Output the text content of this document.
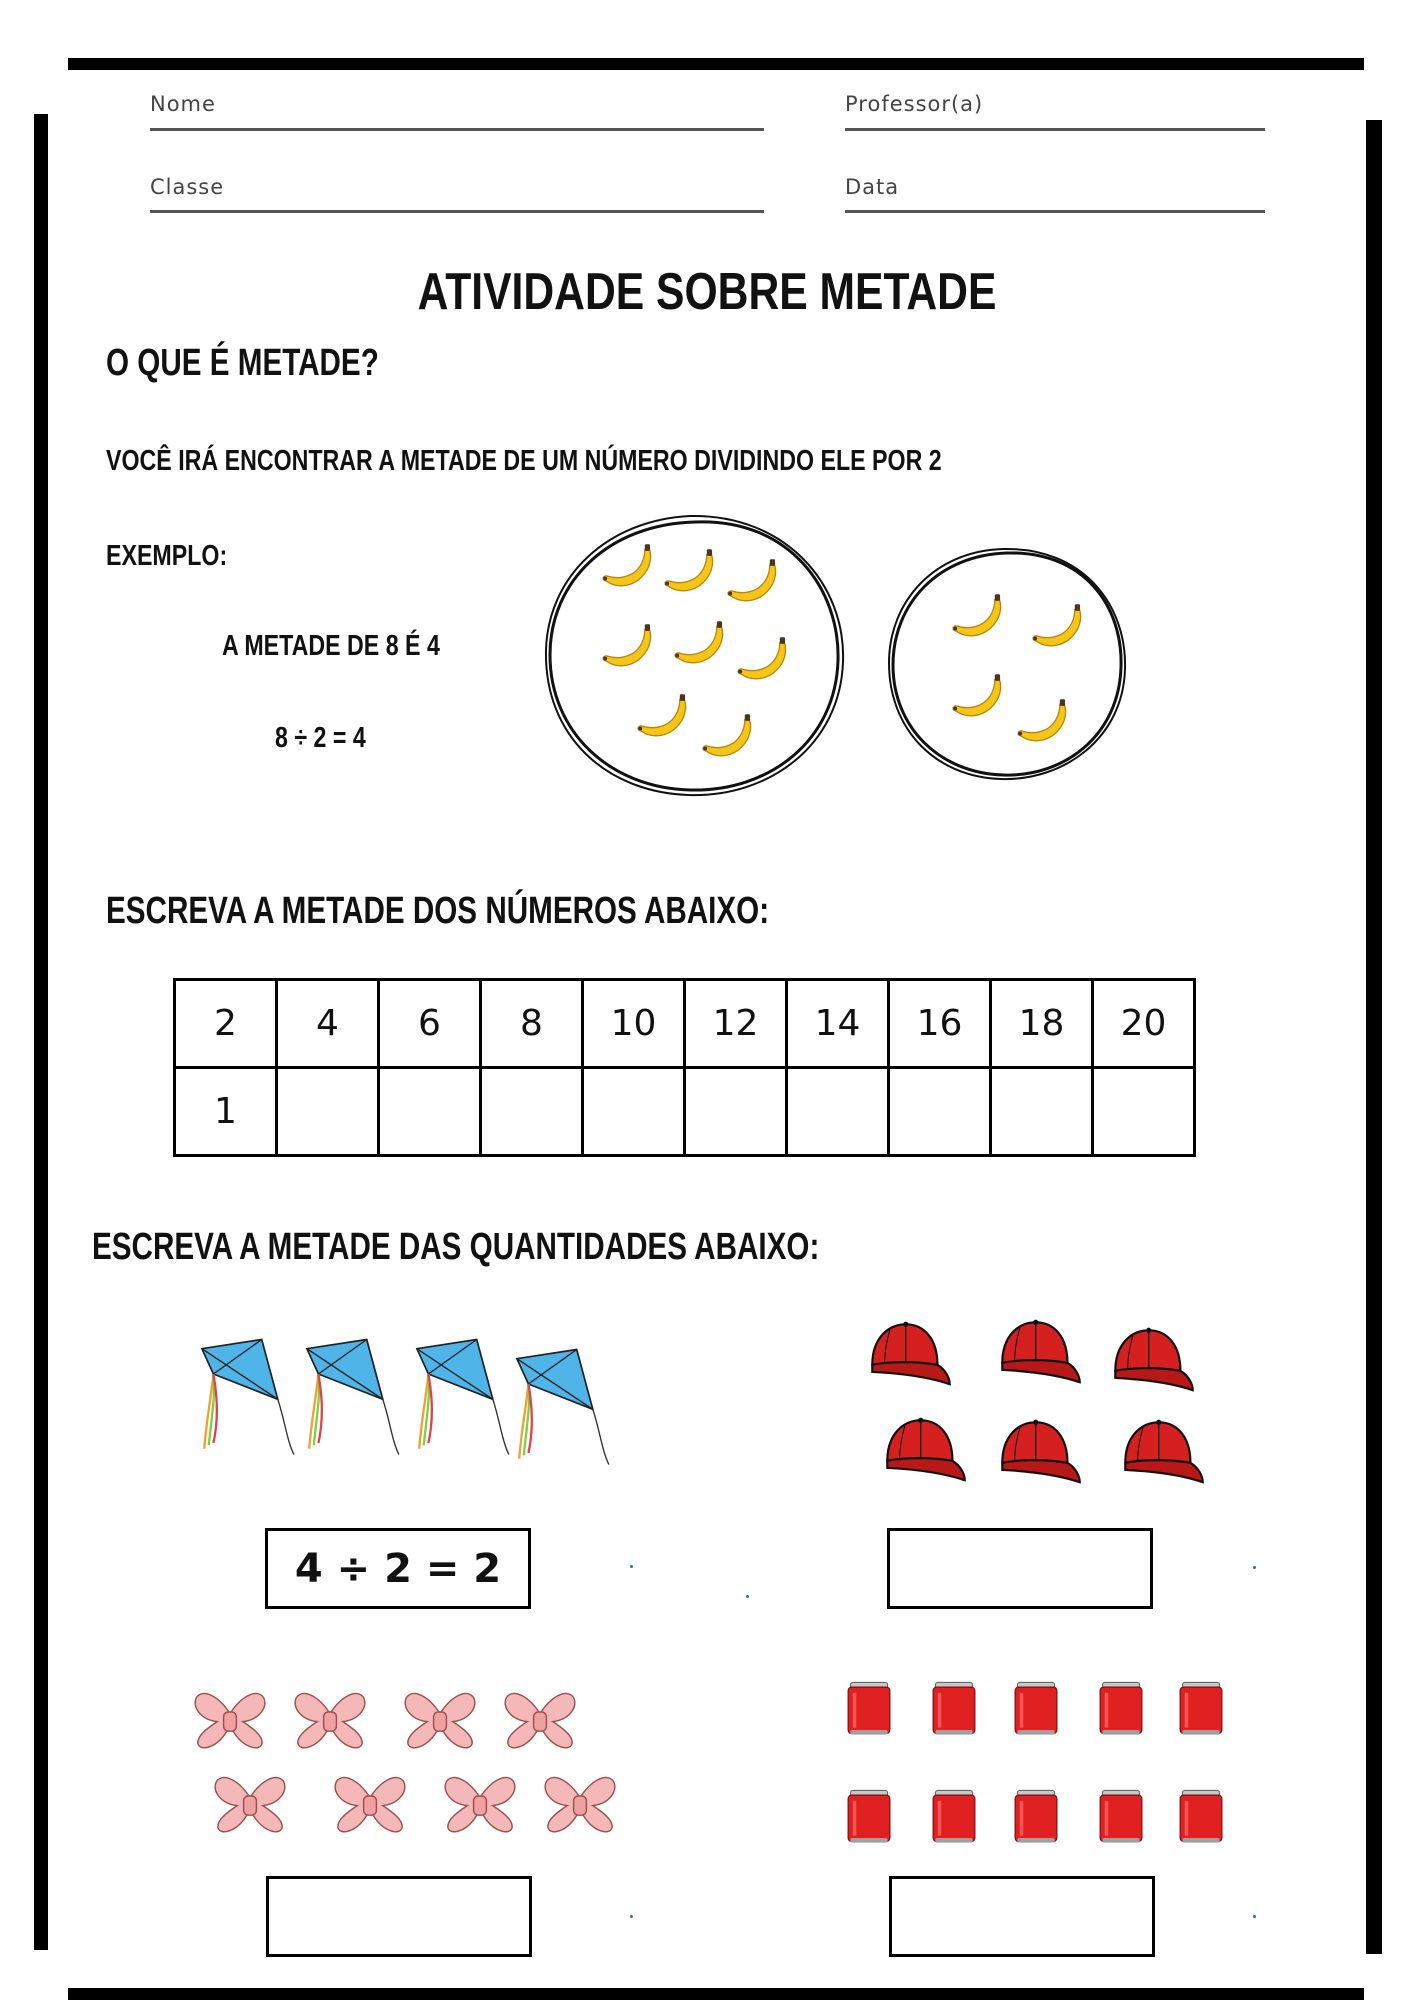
Nome	Professor(a)
Classe	Data
ATIVIDADE SOBRE METADE
O QUE É METADE?
VOCÊ IRÁ ENCONTRAR A METADE DE UM NÚMERO DIVIDINDO ELE POR 2
EXEMPLO:
A METADE DE 8 É 4
8 ÷ 2 = 4
ESCREVA A METADE DOS NÚMEROS ABAIXO:
2	4	6	8	10	12	14	16	18	20
1									
ESCREVA A METADE DAS QUANTIDADES ABAIXO:
4 ÷ 2 = 2
